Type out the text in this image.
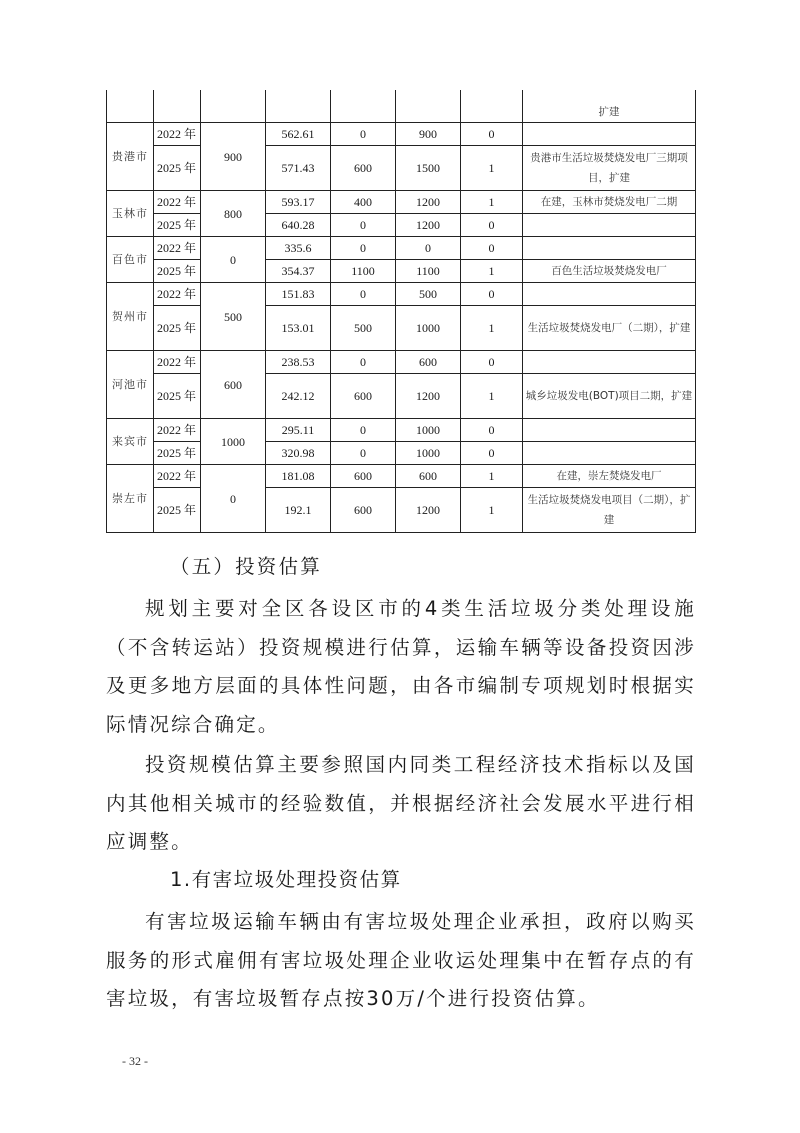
							扩建
贵港市	2022 年	900	562.61	0	900	0	
	2025 年		571.43	600	1500	1	贵港市生活垃圾焚烧发电厂三期项目，扩建
玉林市	2022 年	800	593.17	400	1200	1	在建，玉林市焚烧发电厂二期
	2025 年		640.28	0	1200	0	
百色市	2022 年	0	335.6	0	0	0	
	2025 年		354.37	1100	1100	1	百色生活垃圾焚烧发电厂
贺州市	2022 年	500	151.83	0	500	0	
	2025 年		153.01	500	1000	1	生活垃圾焚烧发电厂（二期），扩建
河池市	2022 年	600	238.53	0	600	0	
	2025 年		242.12	600	1200	1	城乡垃圾发电(BOT)项目二期，扩建
来宾市	2022 年	1000	295.11	0	1000	0	
	2025 年		320.98	0	1000	0	
崇左市	2022 年	0	181.08	600	600	1	在建，崇左焚烧发电厂
	2025 年		192.1	600	1200	1	生活垃圾焚烧发电项目（二期），扩建
（五）投资估算
规划主要对全区各设区市的4类生活垃圾分类处理设施（不含转运站）投资规模进行估算，运输车辆等设备投资因涉及更多地方层面的具体性问题，由各市编制专项规划时根据实际情况综合确定。
投资规模估算主要参照国内同类工程经济技术指标以及国内其他相关城市的经验数值，并根据经济社会发展水平进行相应调整。
1.有害垃圾处理投资估算
有害垃圾运输车辆由有害垃圾处理企业承担，政府以购买服务的形式雇佣有害垃圾处理企业收运处理集中在暂存点的有害垃圾，有害垃圾暂存点按30万/个进行投资估算。
- 32 -
